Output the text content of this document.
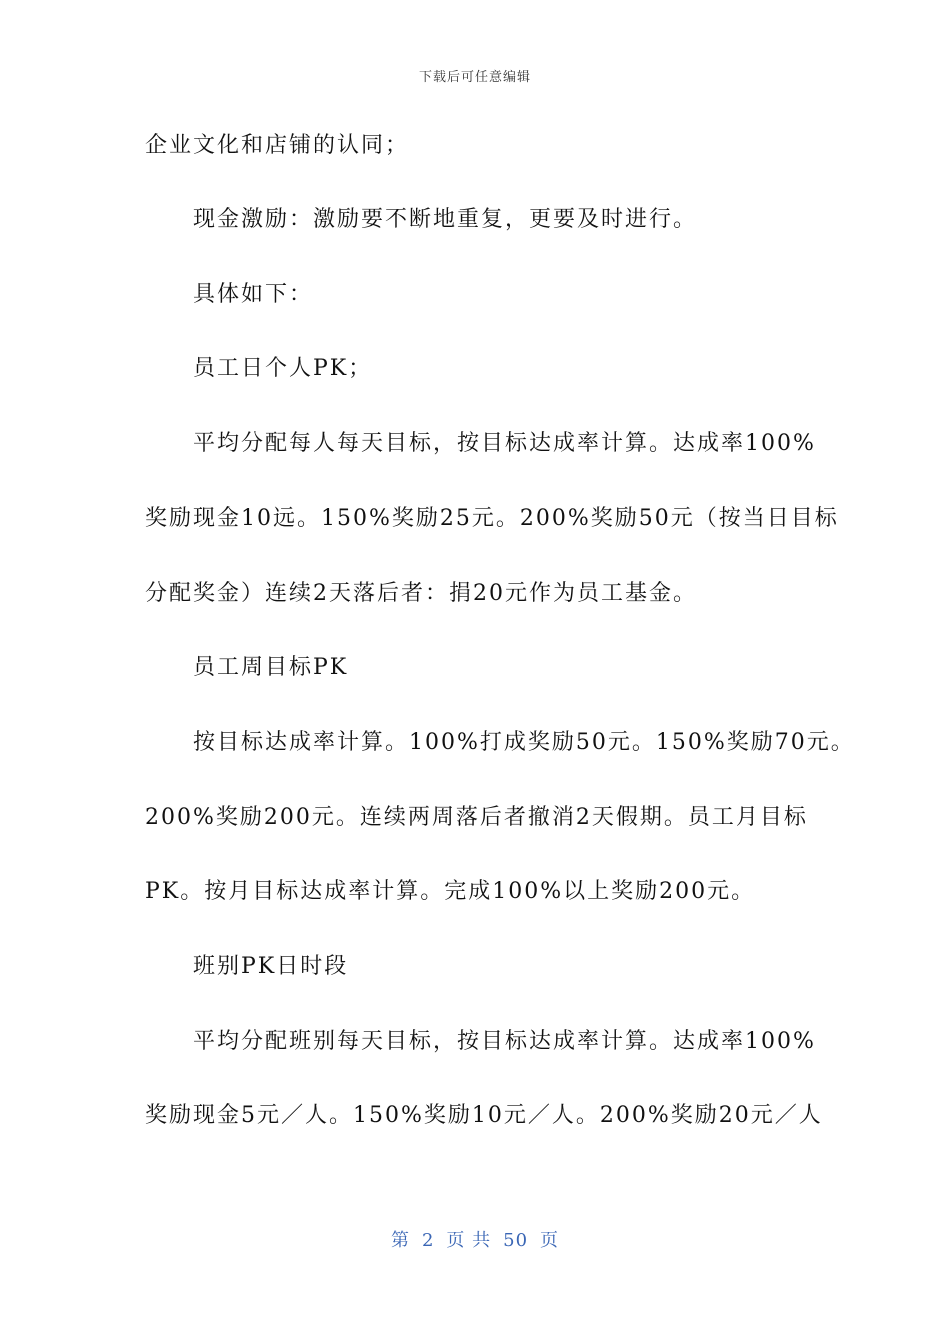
下载后可任意编辑
企业文化和店铺的认同；
现金激励：激励要不断地重复，更要及时进行。
具体如下：
员工日个人PK；
平均分配每人每天目标，按目标达成率计算。达成率100%
奖励现金10远。150%奖励25元。200%奖励50元（按当日目标
分配奖金）连续2天落后者：捐20元作为员工基金。
员工周目标PK
按目标达成率计算。100%打成奖励50元。150%奖励70元。
200%奖励200元。连续两周落后者撤消2天假期。员工月目标
PK。按月目标达成率计算。完成100%以上奖励200元。
班别PK日时段
平均分配班别每天目标，按目标达成率计算。达成率100%
奖励现金5元／人。150%奖励10元／人。200%奖励20元／人
第 2 页 共 50 页
